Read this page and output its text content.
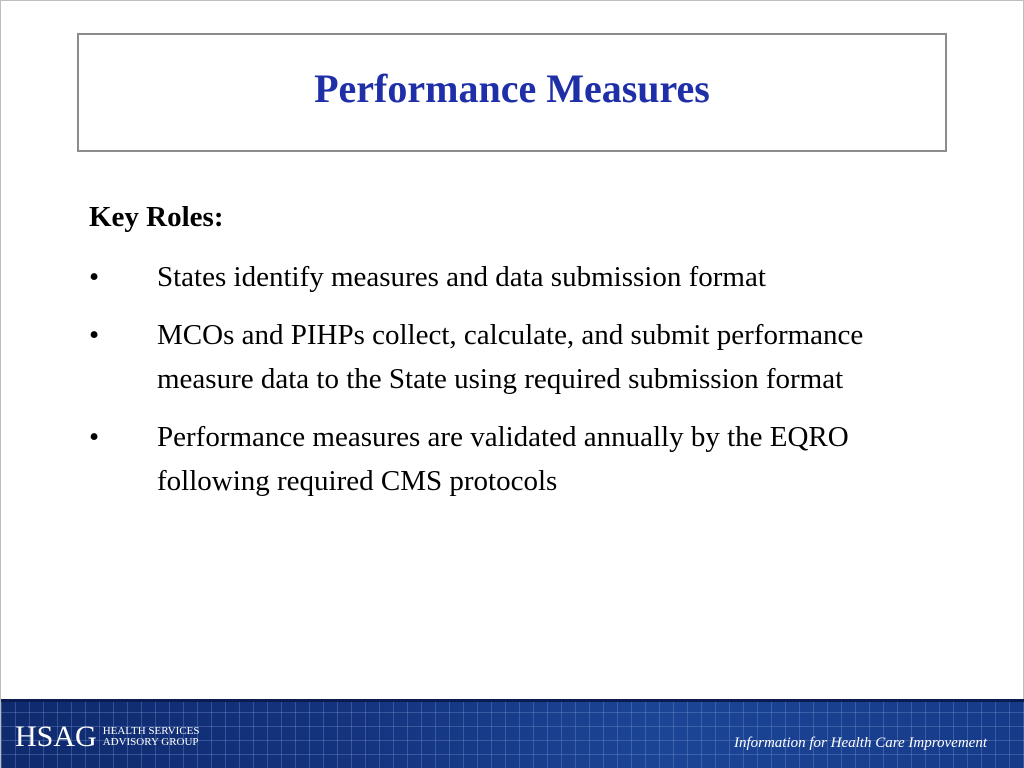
Performance Measures
Key Roles:
•	States identify measures and data submission format
•	MCOs and PIHPs collect, calculate, and submit performance measure data to the State using required submission format
•	Performance measures are validated annually by the EQRO following required CMS protocols
HSAG HEALTH SERVICES
ADVISORY GROUP	Information for Health Care Improvement
